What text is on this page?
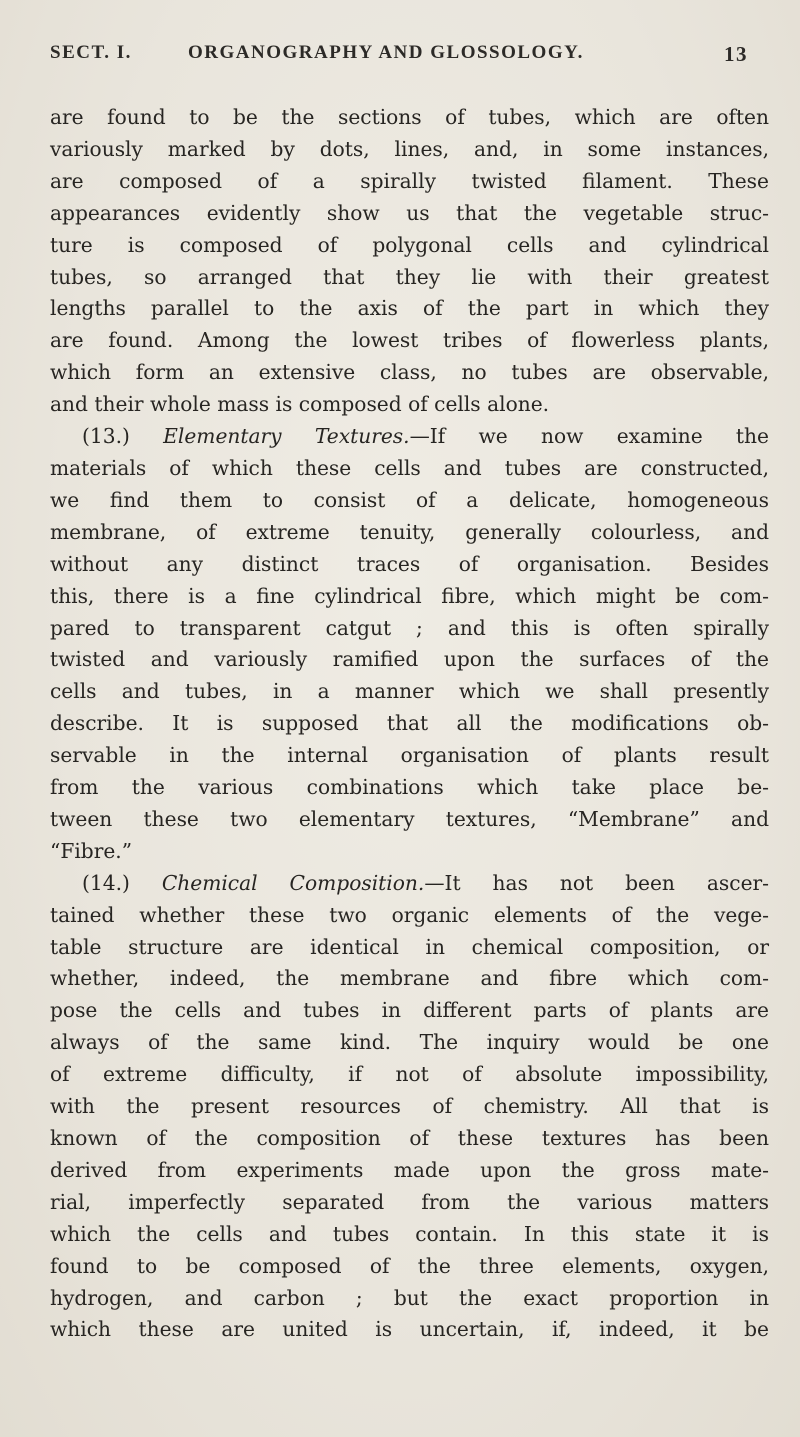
SECT. I.	ORGANOGRAPHY AND GLOSSOLOGY.	13
are found to be the sections of tubes, which are often
variously marked by dots, lines, and, in some instances,
are composed of a spirally twisted filament. These
appearances evidently show us that the vegetable struc-
ture is composed of polygonal cells and cylindrical
tubes, so arranged that they lie with their greatest
lengths parallel to the axis of the part in which they
are found. Among the lowest tribes of flowerless plants,
which form an extensive class, no tubes are observable,
and their whole mass is composed of cells alone.
(13.) Elementary Textures.—If we now examine the
materials of which these cells and tubes are constructed,
we find them to consist of a delicate, homogeneous
membrane, of extreme tenuity, generally colourless, and
without any distinct traces of organisation. Besides
this, there is a fine cylindrical fibre, which might be com-
pared to transparent catgut ; and this is often spirally
twisted and variously ramified upon the surfaces of the
cells and tubes, in a manner which we shall presently
describe. It is supposed that all the modifications ob-
servable in the internal organisation of plants result
from the various combinations which take place be-
tween these two elementary textures, “Membrane” and
“Fibre.”
(14.) Chemical Composition.—It has not been ascer-
tained whether these two organic elements of the vege-
table structure are identical in chemical composition, or
whether, indeed, the membrane and fibre which com-
pose the cells and tubes in different parts of plants are
always of the same kind. The inquiry would be one
of extreme difficulty, if not of absolute impossibility,
with the present resources of chemistry. All that is
known of the composition of these textures has been
derived from experiments made upon the gross mate-
rial, imperfectly separated from the various matters
which the cells and tubes contain. In this state it is
found to be composed of the three elements, oxygen,
hydrogen, and carbon ; but the exact proportion in
which these are united is uncertain, if, indeed, it be
